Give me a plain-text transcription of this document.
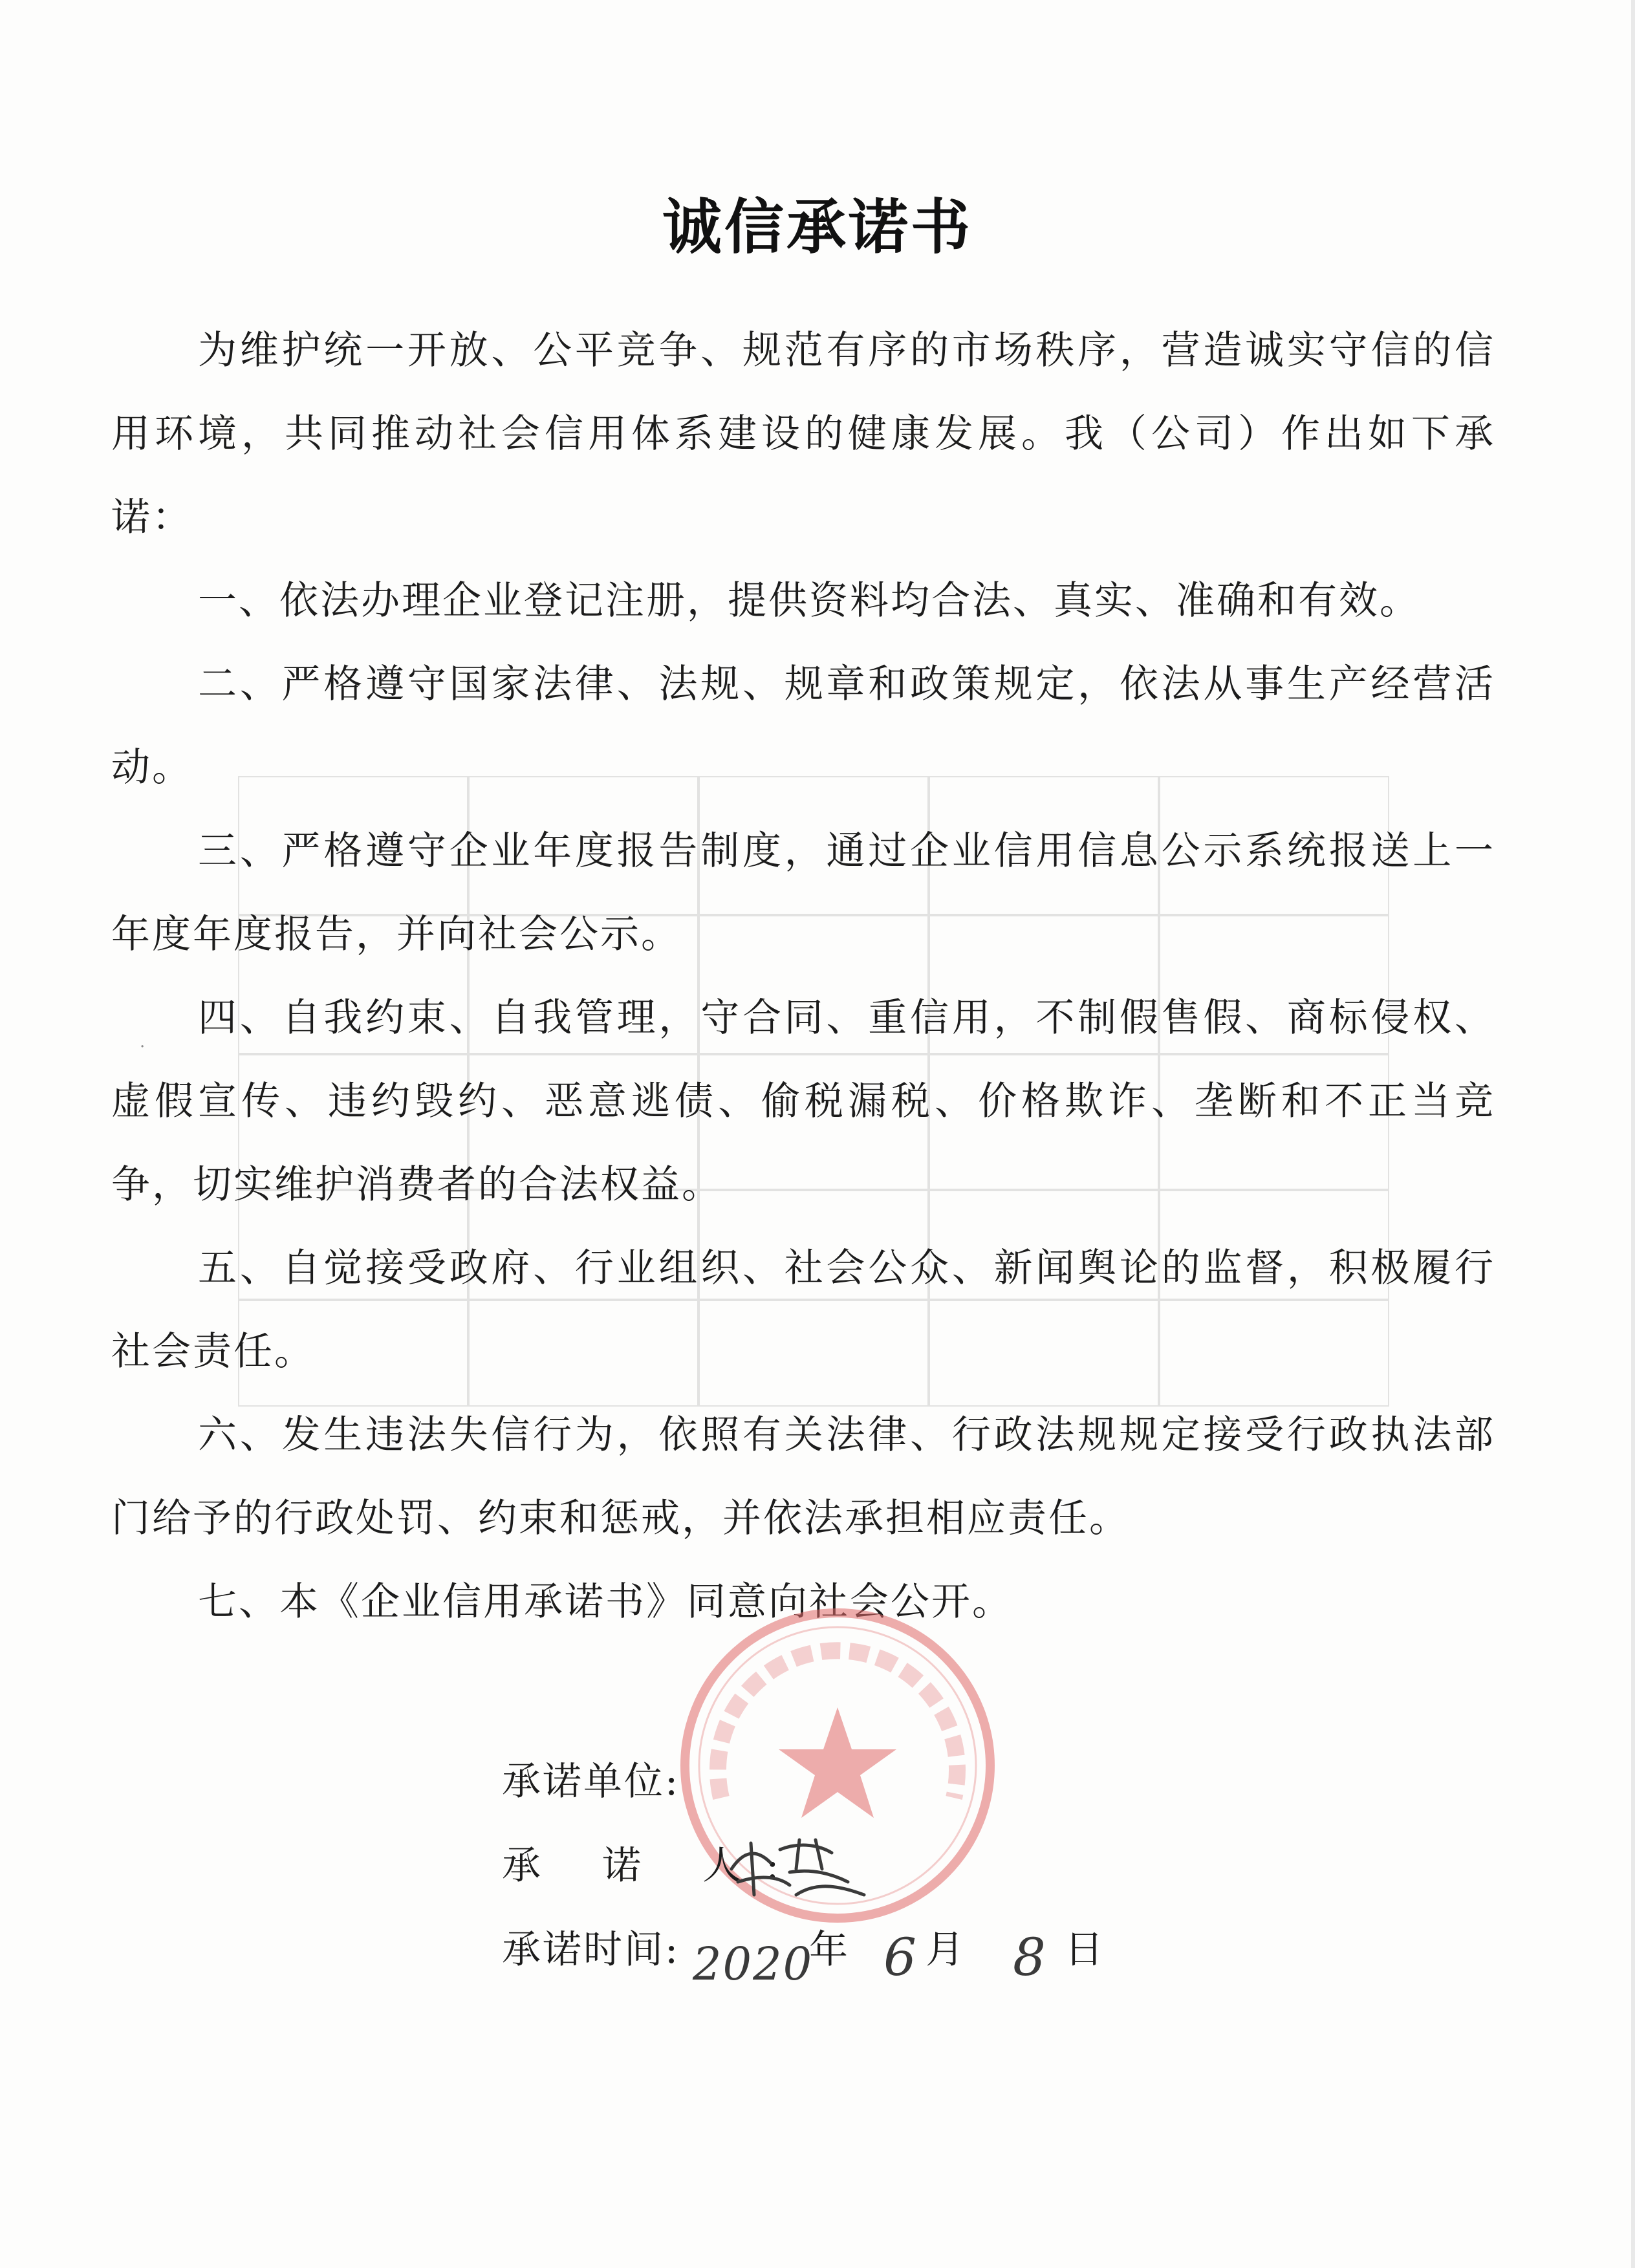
诚信承诺书

为维护统一开放、公平竞争、规范有序的市场秩序，营造诚实守信的信用环境，共同推动社会信用体系建设的健康发展。我（公司）作出如下承诺：

一、依法办理企业登记注册，提供资料均合法、真实、准确和有效。

二、严格遵守国家法律、法规、规章和政策规定，依法从事生产经营活动。

三、严格遵守企业年度报告制度，通过企业信用信息公示系统报送上一年度年度报告，并向社会公示。

四、自我约束、自我管理，守合同、重信用，不制假售假、商标侵权、虚假宣传、违约毁约、恶意逃债、偷税漏税、价格欺诈、垄断和不正当竞争，切实维护消费者的合法权益。

五、自觉接受政府、行业组织、社会公众、新闻舆论的监督，积极履行社会责任。

六、发生违法失信行为，依照有关法律、行政法规规定接受行政执法部门给予的行政处罚、约束和惩戒，并依法承担相应责任。

七、本《企业信用承诺书》同意向社会公开。

承诺单位:
承 诺 人:
承诺时间: 2020
年 6 月 8 日
·
